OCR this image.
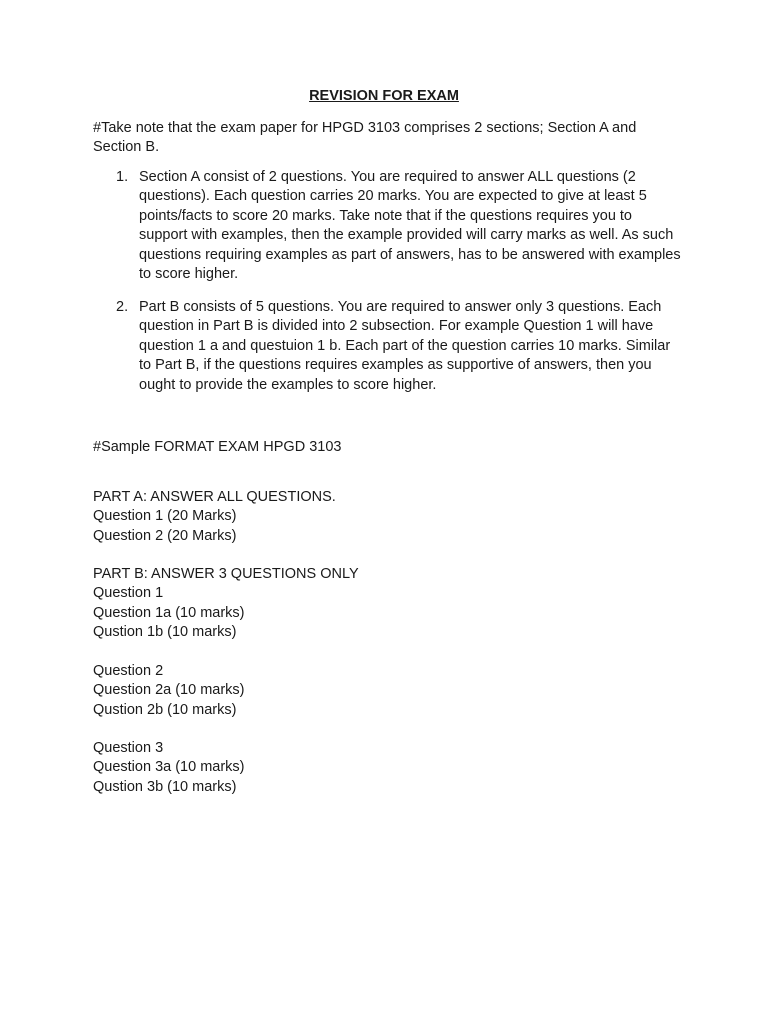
REVISION FOR EXAM

#Take note that the exam paper for HPGD 3103 comprises 2 sections; Section A and Section B.

1. Section A consist of 2 questions. You are required to answer ALL questions (2 questions). Each question carries 20 marks. You are expected to give at least 5 points/facts to score 20 marks. Take note that if the questions requires you to support with examples, then the example provided will carry marks as well. As such questions requiring examples as part of answers, has to be answered with examples to score higher.
2. Part B consists of 5 questions. You are required to answer only 3 questions. Each question in Part B is divided into 2 subsection. For example Question 1 will have question 1 a and questuion 1 b. Each part of the question carries 10 marks. Similar to Part B, if the questions requires examples as supportive of answers, then you ought to provide the examples to score higher.

#Sample FORMAT EXAM HPGD 3103

PART A: ANSWER ALL QUESTIONS.
Question 1 (20 Marks)
Question 2 (20 Marks)
PART B: ANSWER 3 QUESTIONS ONLY
Question 1
Question 1a (10 marks)
Qustion 1b (10 marks)
Question 2
Question 2a (10 marks)
Qustion 2b (10 marks)
Question 3
Question 3a (10 marks)
Qustion 3b (10 marks)
